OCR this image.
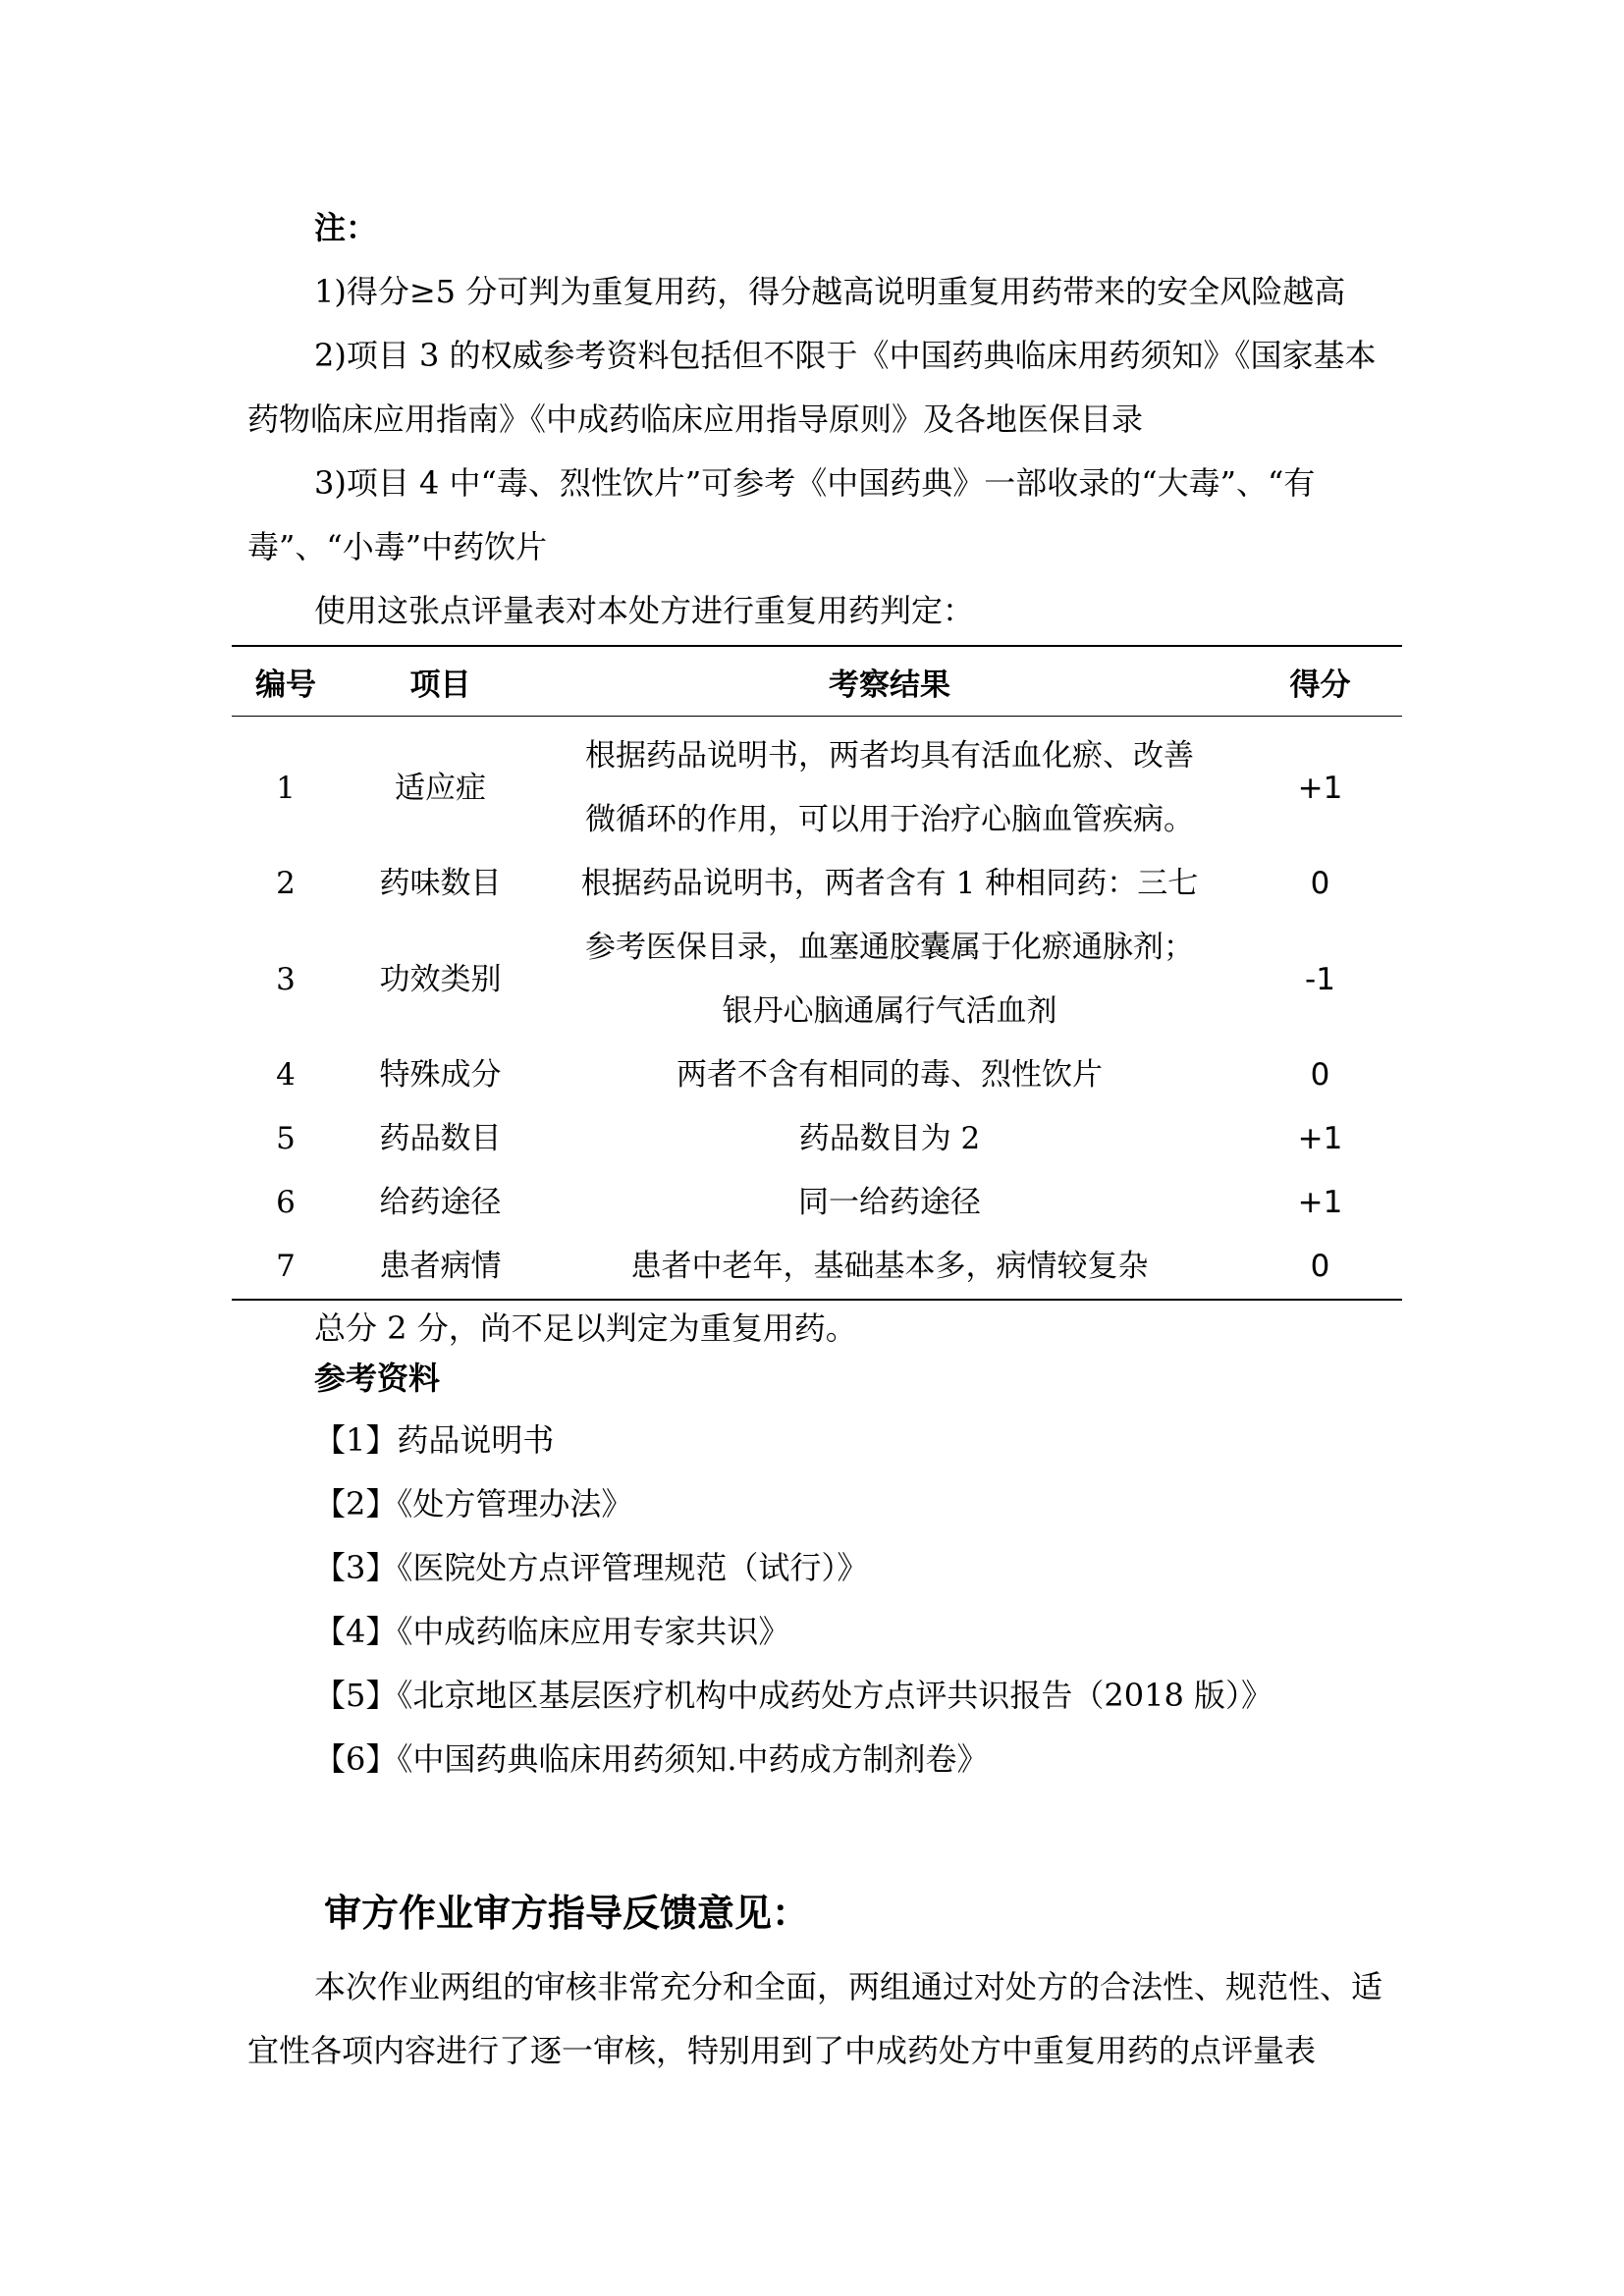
注：

1)得分≥5 分可判为重复用药，得分越高说明重复用药带来的安全风险越高

2)项目 3 的权威参考资料包括但不限于《中国药典临床用药须知》《国家基本药物临床应用指南》《中成药临床应用指导原则》及各地医保目录

3)项目 4 中“毒、烈性饮片”可参考《中国药典》一部收录的“大毒”、“有毒”、“小毒”中药饮片

使用这张点评量表对本处方进行重复用药判定：

编号	项目	考察结果	得分
1	适应症	根据药品说明书，两者均具有活血化瘀、改善
微循环的作用，可以用于治疗心脑血管疾病。	+1
2	药味数目	根据药品说明书，两者含有 1 种相同药：三七	0
3	功效类别	参考医保目录，血塞通胶囊属于化瘀通脉剂；
银丹心脑通属行气活血剂	-1
4	特殊成分	两者不含有相同的毒、烈性饮片	0
5	药品数目	药品数目为 2	+1
6	给药途径	同一给药途径	+1
7	患者病情	患者中老年，基础基本多，病情较复杂	0

总分 2 分，尚不足以判定为重复用药。

参考资料

【1】药品说明书
【2】《处方管理办法》
【3】《医院处方点评管理规范（试行）》
【4】《中成药临床应用专家共识》
【5】《北京地区基层医疗机构中成药处方点评共识报告（2018 版）》
【6】《中国药典临床用药须知.中药成方制剂卷》

审方作业审方指导反馈意见：

本次作业两组的审核非常充分和全面，两组通过对处方的合法性、规范性、适宜性各项内容进行了逐一审核，特别用到了中成药处方中重复用药的点评量表
